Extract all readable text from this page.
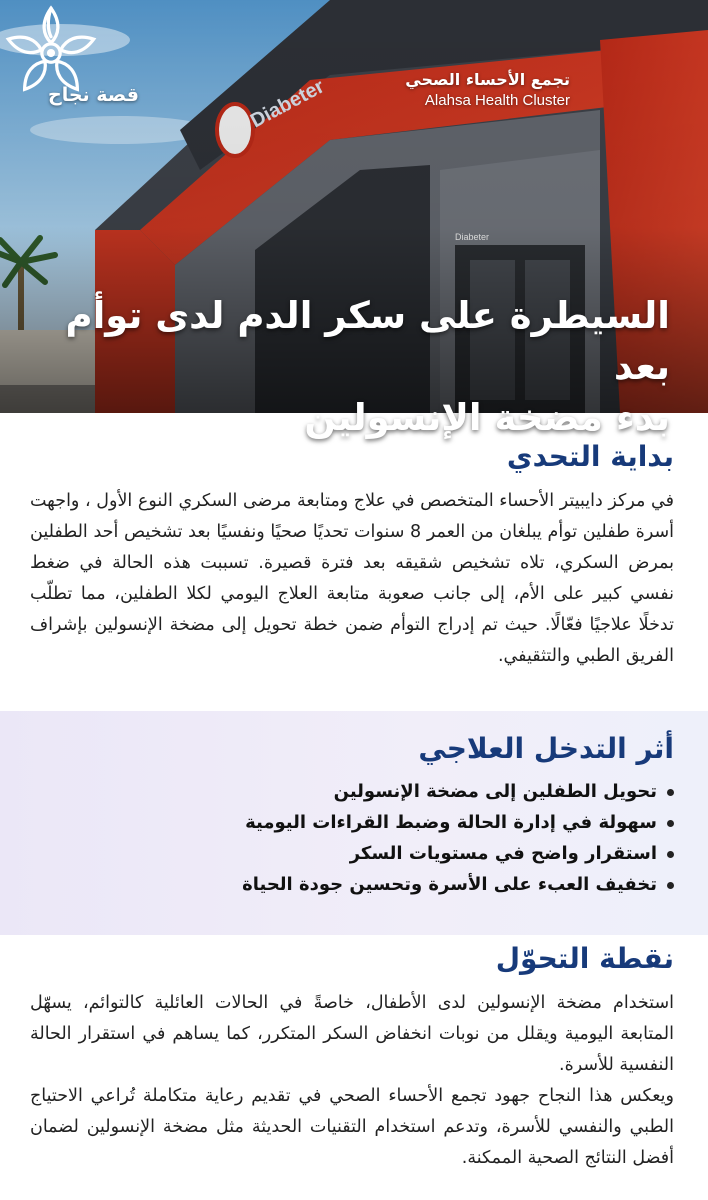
قصة نجاح
تجمع الأحساء الصحي
Alahsa Health Cluster
السيطرة على سكر الدم لدى توأم بعد
بدء مضخة الإنسولين
بداية التحدي

في مركز دايبيتر الأحساء المتخصص في علاج ومتابعة مرضى السكري النوع الأول ، واجهت أسرة طفلين توأم يبلغان من العمر 8 سنوات تحديًا صحيًا ونفسيًا بعد تشخيص أحد الطفلين بمرض السكري، تلاه تشخيص شقيقه بعد فترة قصيرة. تسببت هذه الحالة في ضغط نفسي كبير على الأم، إلى جانب صعوبة متابعة العلاج اليومي لكلا الطفلين، مما تطلّب تدخلًا علاجيًا فعّالًا. حيث تم إدراج التوأم ضمن خطة تحويل إلى مضخة الإنسولين بإشراف الفريق الطبي والتثقيفي.

أثر التدخل العلاجي
تحويل الطفلين إلى مضخة الإنسولين
سهولة في إدارة الحالة وضبط القراءات اليومية
استقرار واضح في مستويات السكر
تخفيف العبء على الأسرة وتحسين جودة الحياة
نقطة التحوّل

استخدام مضخة الإنسولين لدى الأطفال، خاصةً في الحالات العائلية كالتوائم، يسهّل المتابعة اليومية ويقلل من نوبات انخفاض السكر المتكرر، كما يساهم في استقرار الحالة النفسية للأسرة.

ويعكس هذا النجاح جهود تجمع الأحساء الصحي في تقديم رعاية متكاملة تُراعي الاحتياج الطبي والنفسي للأسرة، وتدعم استخدام التقنيات الحديثة مثل مضخة الإنسولين لضمان أفضل النتائج الصحية الممكنة.
